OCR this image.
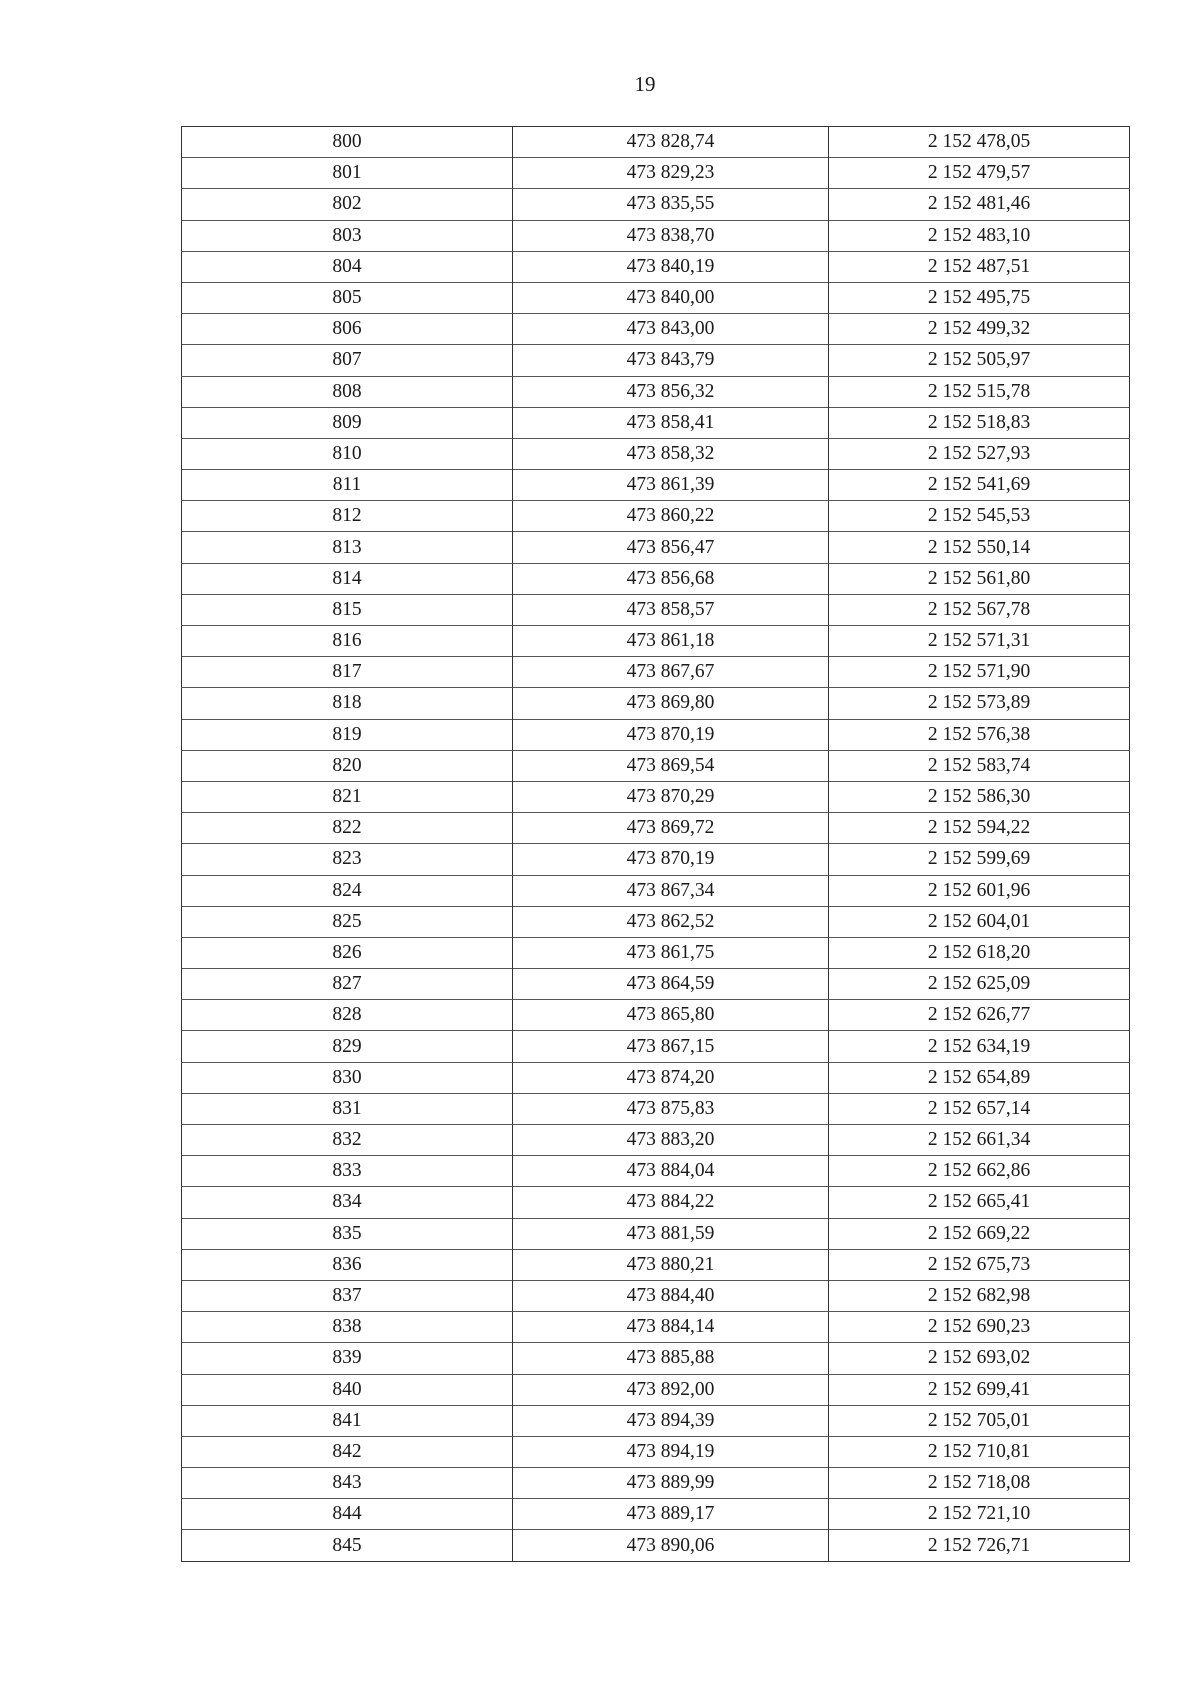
19
800	473 828,74	2 152 478,05
801	473 829,23	2 152 479,57
802	473 835,55	2 152 481,46
803	473 838,70	2 152 483,10
804	473 840,19	2 152 487,51
805	473 840,00	2 152 495,75
806	473 843,00	2 152 499,32
807	473 843,79	2 152 505,97
808	473 856,32	2 152 515,78
809	473 858,41	2 152 518,83
810	473 858,32	2 152 527,93
811	473 861,39	2 152 541,69
812	473 860,22	2 152 545,53
813	473 856,47	2 152 550,14
814	473 856,68	2 152 561,80
815	473 858,57	2 152 567,78
816	473 861,18	2 152 571,31
817	473 867,67	2 152 571,90
818	473 869,80	2 152 573,89
819	473 870,19	2 152 576,38
820	473 869,54	2 152 583,74
821	473 870,29	2 152 586,30
822	473 869,72	2 152 594,22
823	473 870,19	2 152 599,69
824	473 867,34	2 152 601,96
825	473 862,52	2 152 604,01
826	473 861,75	2 152 618,20
827	473 864,59	2 152 625,09
828	473 865,80	2 152 626,77
829	473 867,15	2 152 634,19
830	473 874,20	2 152 654,89
831	473 875,83	2 152 657,14
832	473 883,20	2 152 661,34
833	473 884,04	2 152 662,86
834	473 884,22	2 152 665,41
835	473 881,59	2 152 669,22
836	473 880,21	2 152 675,73
837	473 884,40	2 152 682,98
838	473 884,14	2 152 690,23
839	473 885,88	2 152 693,02
840	473 892,00	2 152 699,41
841	473 894,39	2 152 705,01
842	473 894,19	2 152 710,81
843	473 889,99	2 152 718,08
844	473 889,17	2 152 721,10
845	473 890,06	2 152 726,71
